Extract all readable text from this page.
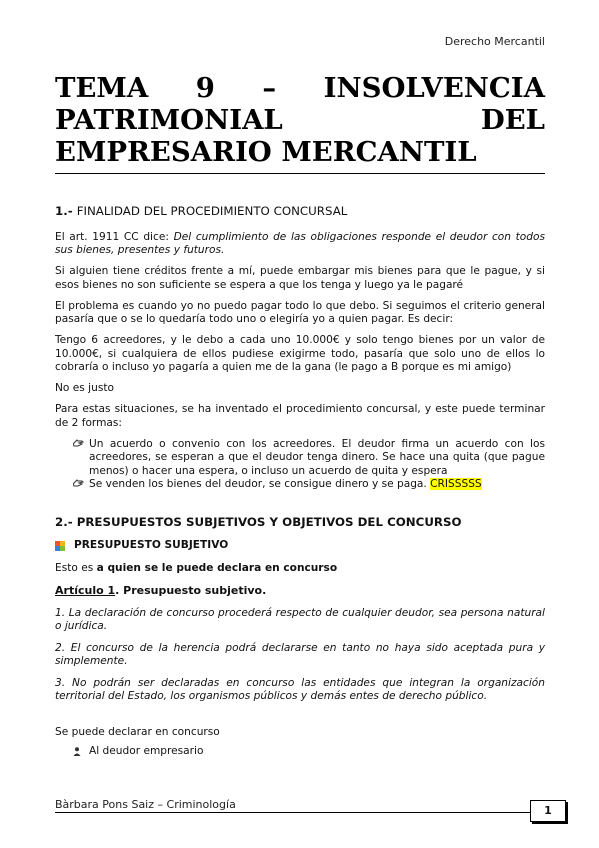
Derecho Mercantil
TEMA 9 – INSOLVENCIA PATRIMONIAL DEL EMPRESARIO MERCANTIL
1.- FINALIDAD DEL PROCEDIMIENTO CONCURSAL

El art. 1911 CC dice: Del cumplimiento de las obligaciones responde el deudor con todos sus bienes, presentes y futuros.

Si alguien tiene créditos frente a mí, puede embargar mis bienes para que le pague, y si esos bienes no son suficiente se espera a que los tenga y luego ya le pagaré

El problema es cuando yo no puedo pagar todo lo que debo. Si seguimos el criterio general pasaría que o se lo quedaría todo uno o elegiría yo a quien pagar. Es decir:

Tengo 6 acreedores, y le debo a cada uno 10.000€ y solo tengo bienes por un valor de 10.000€, si cualquiera de ellos pudiese exigirme todo, pasaría que solo uno de ellos lo cobraría o incluso yo pagaría a quien me de la gana (le pago a B porque es mi amigo)

No es justo

Para estas situaciones, se ha inventado el procedimiento concursal, y este puede terminar de 2 formas:

Un acuerdo o convenio con los acreedores. El deudor firma un acuerdo con los acreedores, se esperan a que el deudor tenga dinero. Se hace una quita (que pague menos) o hacer una espera, o incluso un acuerdo de quita y espera
Se venden los bienes del deudor, se consigue dinero y se paga. CRISSSSS
2.- PRESUPUESTOS SUBJETIVOS Y OBJETIVOS DEL CONCURSO
PRESUPUESTO SUBJETIVO

Esto es a quien se le puede declara en concurso

Artículo 1. Presupuesto subjetivo.

1. La declaración de concurso procederá respecto de cualquier deudor, sea persona natural o jurídica.

2. El concurso de la herencia podrá declararse en tanto no haya sido aceptada pura y simplemente.

3. No podrán ser declaradas en concurso las entidades que integran la organización territorial del Estado, los organismos públicos y demás entes de derecho público.

Se puede declarar en concurso

Al deudor empresario
Bàrbara Pons Saiz – Criminología	1
